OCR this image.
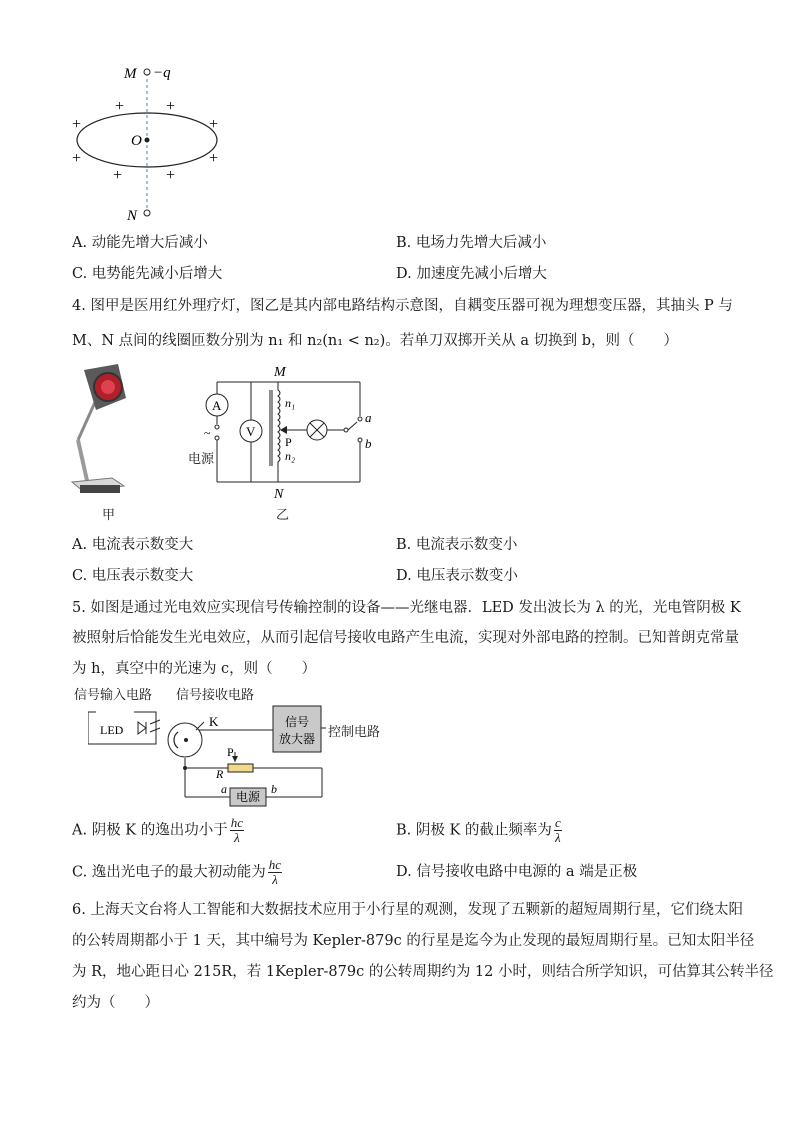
M −q
O
N
+	+
+	+
+	+
+	+
A. 动能先增大后减小	B. 电场力先增大后减小
C. 电势能先减小后增大	D. 加速度先减小后增大
4. 图甲是医用红外理疗灯，图乙是其内部电路结构示意图，自耦变压器可视为理想变压器，其抽头 P 与
M、N 点间的线圈匝数分别为 n₁ 和 n₂(n₁ < n₂)。若单刀双掷开关从 a 切换到 b，则（　　）
甲
A
V
~
M
N
n₁
n₂
P
a
b
电源
乙
A. 电流表示数变大	B. 电流表示数变小
C. 电压表示数变大	D. 电压表示数变小
5. 如图是通过光电效应实现信号传输控制的设备——光继电器．LED 发出波长为 λ 的光，光电管阴极 K
被照射后恰能发生光电效应，从而引起信号接收电路产生电流，实现对外部电路的控制。已知普朗克常量
为 h，真空中的光速为 c，则（　　）
信号输入电路 信号接收电路
LED
K	信号
放大器
P
R
电源
a	b
控制电路
A. 阴极 K 的逸出功小于 $\frac{hc}{\lambda}$	B. 阴极 K 的截止频率为 $\frac{c}{\lambda}$
C. 逸出光电子的最大初动能为 $\frac{hc}{\lambda}$	D. 信号接收电路中电源的 a 端是正极
6. 上海天文台将人工智能和大数据技术应用于小行星的观测，发现了五颗新的超短周期行星，它们绕太阳
的公转周期都小于 1 天，其中编号为 Kepler-879c 的行星是迄今为止发现的最短周期行星。已知太阳半径
为 R，地心距日心 215R，若 1Kepler-879c 的公转周期约为 12 小时，则结合所学知识，可估算其公转半径
约为（　　）
